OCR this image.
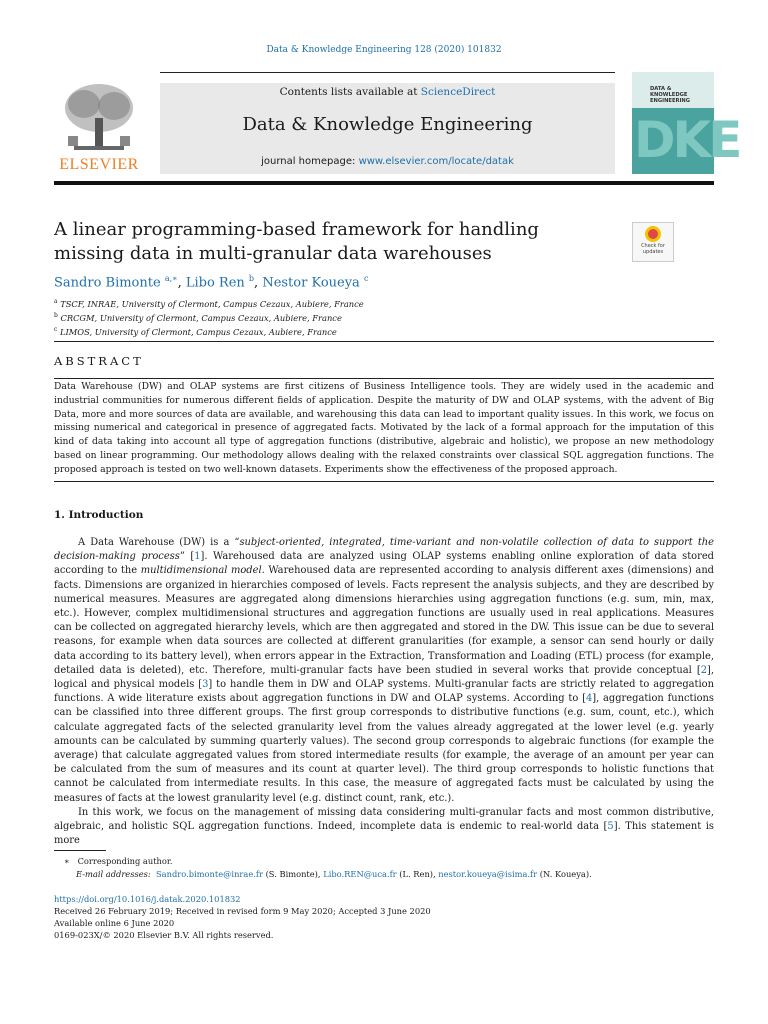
Data & Knowledge Engineering 128 (2020) 101832
ELSEVIER
Contents lists available at ScienceDirect
Data & Knowledge Engineering
journal homepage: www.elsevier.com/locate/datak
DATA & KNOWLEDGE ENGINEERING
DKE
A linear programming-based framework for handling missing data in multi-granular data warehouses	Check for updates
Sandro Bimonte $^{a,∗}$, Libo Ren $^b$, Nestor Koueya $^c$
$^a$ TSCF, INRAE, University of Clermont, Campus Cezaux, Aubiere, France
$^b$ CRCGM, University of Clermont, Campus Cezaux, Aubiere, France
$^c$ LIMOS, University of Clermont, Campus Cezaux, Aubiere, France
ABSTRACT
Data Warehouse (DW) and OLAP systems are first citizens of Business Intelligence tools. They are widely used in the academic and industrial communities for numerous different fields of application. Despite the maturity of DW and OLAP systems, with the advent of Big Data, more and more sources of data are available, and warehousing this data can lead to important quality issues. In this work, we focus on missing numerical and categorical in presence of aggregated facts. Motivated by the lack of a formal approach for the imputation of this kind of data taking into account all type of aggregation functions (distributive, algebraic and holistic), we propose an new methodology based on linear programming. Our methodology allows dealing with the relaxed constraints over classical SQL aggregation functions. The proposed approach is tested on two well-known datasets. Experiments show the effectiveness of the proposed approach.
1. Introduction

A Data Warehouse (DW) is a “subject-oriented, integrated, time-variant and non-volatile collection of data to support the decision-making process” [1]. Warehoused data are analyzed using OLAP systems enabling online exploration of data stored according to the multidimensional model. Warehoused data are represented according to analysis different axes (dimensions) and facts. Dimensions are organized in hierarchies composed of levels. Facts represent the analysis subjects, and they are described by numerical measures. Measures are aggregated along dimensions hierarchies using aggregation functions (e.g. sum, min, max, etc.). However, complex multidimensional structures and aggregation functions are usually used in real applications. Measures can be collected on aggregated hierarchy levels, which are then aggregated and stored in the DW. This issue can be due to several reasons, for example when data sources are collected at different granularities (for example, a sensor can send hourly or daily data according to its battery level), when errors appear in the Extraction, Transformation and Loading (ETL) process (for example, detailed data is deleted), etc. Therefore, multi-granular facts have been studied in several works that provide conceptual [2], logical and physical models [3] to handle them in DW and OLAP systems. Multi-granular facts are strictly related to aggregation functions. A wide literature exists about aggregation functions in DW and OLAP systems. According to [4], aggregation functions can be classified into three different groups. The first group corresponds to distributive functions (e.g. sum, count, etc.), which calculate aggregated facts of the selected granularity level from the values already aggregated at the lower level (e.g. yearly amounts can be calculated by summing quarterly values). The second group corresponds to algebraic functions (for example the average) that calculate aggregated values from stored intermediate results (for example, the average of an amount per year can be calculated from the sum of measures and its count at quarter level). The third group corresponds to holistic functions that cannot be calculated from intermediate results. In this case, the measure of aggregated facts must be calculated by using the measures of facts at the lowest granularity level (e.g. distinct count, rank, etc.).

In this work, we focus on the management of missing data considering multi-granular facts and most common distributive, algebraic, and holistic SQL aggregation functions. Indeed, incomplete data is endemic to real-world data [5]. This statement is more

∗ Corresponding author.
E-mail addresses: Sandro.bimonte@inrae.fr (S. Bimonte), Libo.REN@uca.fr (L. Ren), nestor.koueya@isima.fr (N. Koueya).
https://doi.org/10.1016/j.datak.2020.101832
Received 26 February 2019; Received in revised form 9 May 2020; Accepted 3 June 2020
Available online 6 June 2020
0169-023X/© 2020 Elsevier B.V. All rights reserved.
